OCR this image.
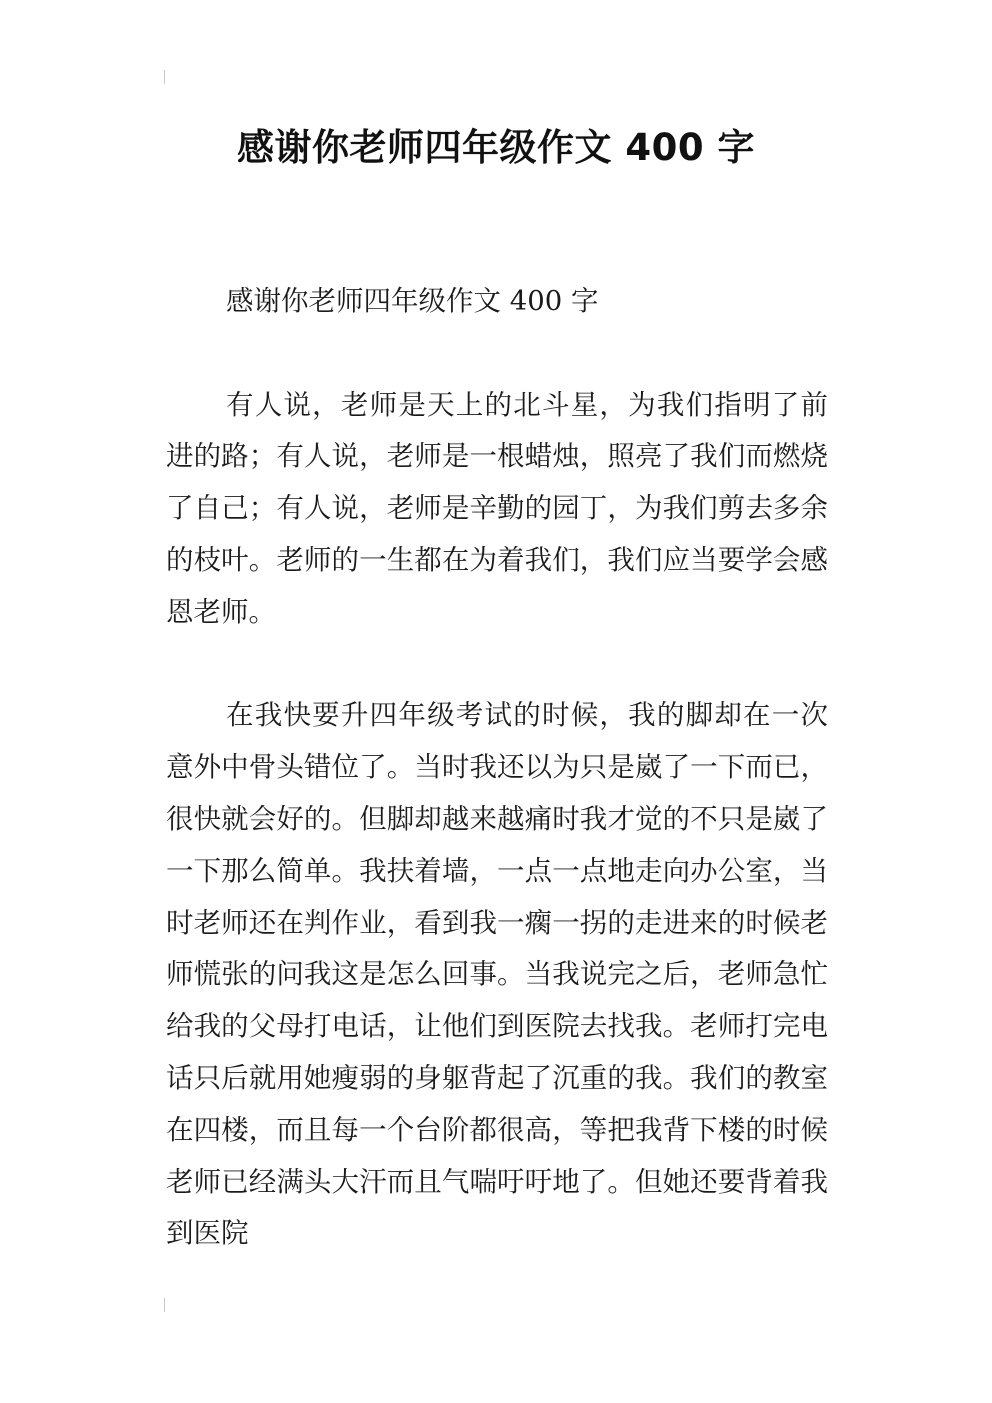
感谢你老师四年级作文 400 字

感谢你老师四年级作文 400 字

有人说，老师是天上的北斗星，为我们指明了前进的路；有人说，老师是一根蜡烛，照亮了我们而燃烧了自己；有人说，老师是辛勤的园丁，为我们剪去多余的枝叶。老师的一生都在为着我们，我们应当要学会感恩老师。

在我快要升四年级考试的时候，我的脚却在一次意外中骨头错位了。当时我还以为只是崴了一下而已，很快就会好的。但脚却越来越痛时我才觉的不只是崴了一下那么简单。我扶着墙，一点一点地走向办公室，当时老师还在判作业，看到我一瘸一拐的走进来的时候老师慌张的问我这是怎么回事。当我说完之后，老师急忙给我的父母打电话，让他们到医院去找我。老师打完电话只后就用她瘦弱的身躯背起了沉重的我。我们的教室在四楼，而且每一个台阶都很高，等把我背下楼的时候老师已经满头大汗而且气喘吁吁地了。但她还要背着我到医院
